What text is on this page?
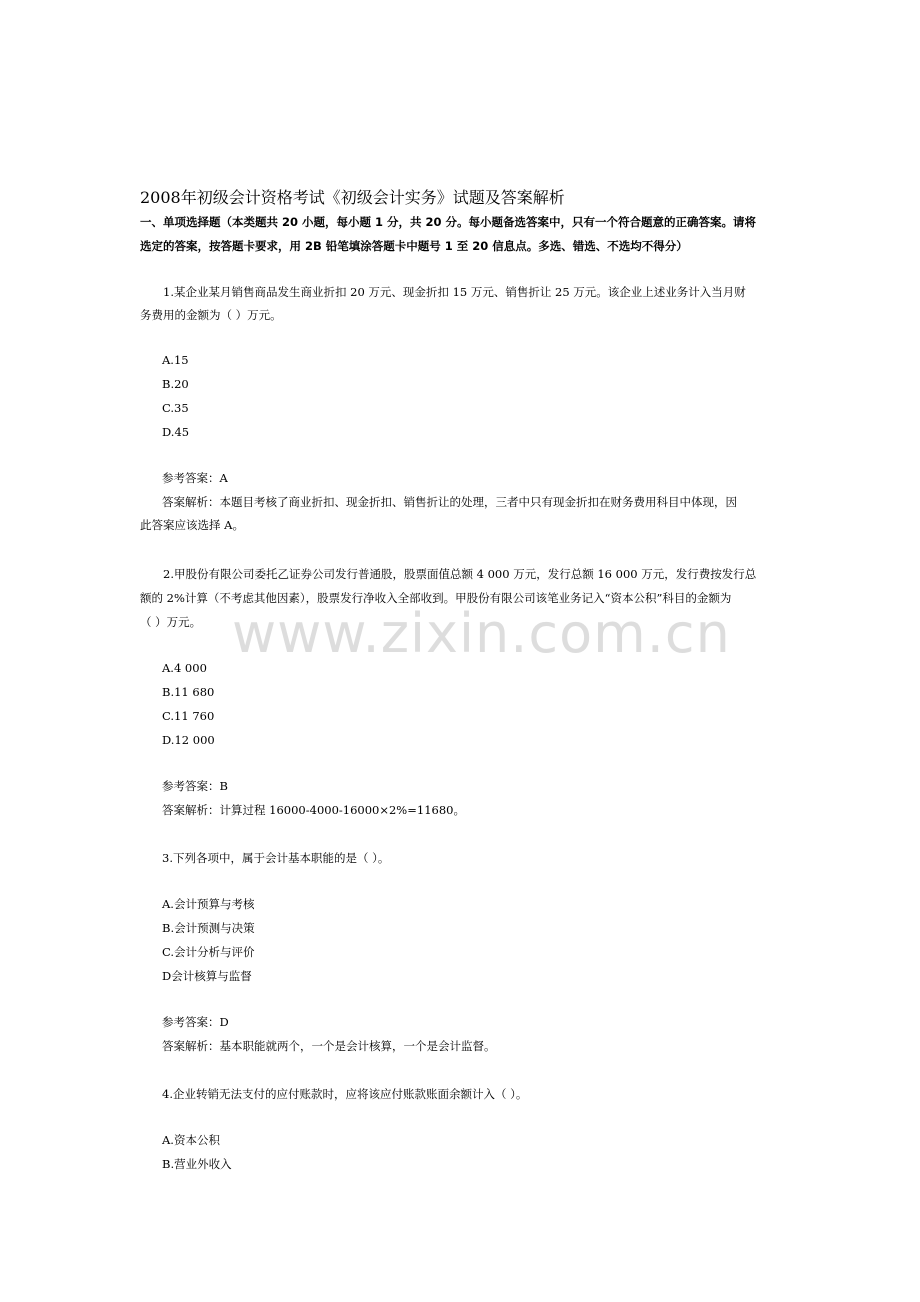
2008年初级会计资格考试《初级会计实务》试题及答案解析
一、单项选择题（本类题共 20 小题，每小题 1 分，共 20 分。每小题备选答案中，只有一个符合题意的正确答案。请将
选定的答案，按答题卡要求，用 2B 铅笔填涂答题卡中题号 1 至 20 信息点。多选、错选、不选均不得分）
1.某企业某月销售商品发生商业折扣 20 万元、现金折扣 15 万元、销售折让 25 万元。该企业上述业务计入当月财
务费用的金额为（ ）万元。
A.15
B.20
C.35
D.45
参考答案：A
答案解析：本题目考核了商业折扣、现金折扣、销售折让的处理，三者中只有现金折扣在财务费用科目中体现，因
此答案应该选择 A。
2.甲股份有限公司委托乙证券公司发行普通股，股票面值总额 4 000 万元，发行总额 16 000 万元，发行费按发行总
额的 2%计算（不考虑其他因素），股票发行净收入全部收到。甲股份有限公司该笔业务记入“资本公积”科目的金额为
（ ）万元。
A.4 000
B.11 680
C.11 760
D.12 000
参考答案：B
答案解析：计算过程 16000-4000-16000×2%=11680。
3.下列各项中，属于会计基本职能的是（ ）。
A.会计预算与考核
B.会计预测与决策
C.会计分析与评价
D会计核算与监督
参考答案：D
答案解析：基本职能就两个，一个是会计核算，一个是会计监督。
4.企业转销无法支付的应付账款时，应将该应付账款账面余额计入（ ）。
A.资本公积
B.营业外收入
www.zixin.com.cn
